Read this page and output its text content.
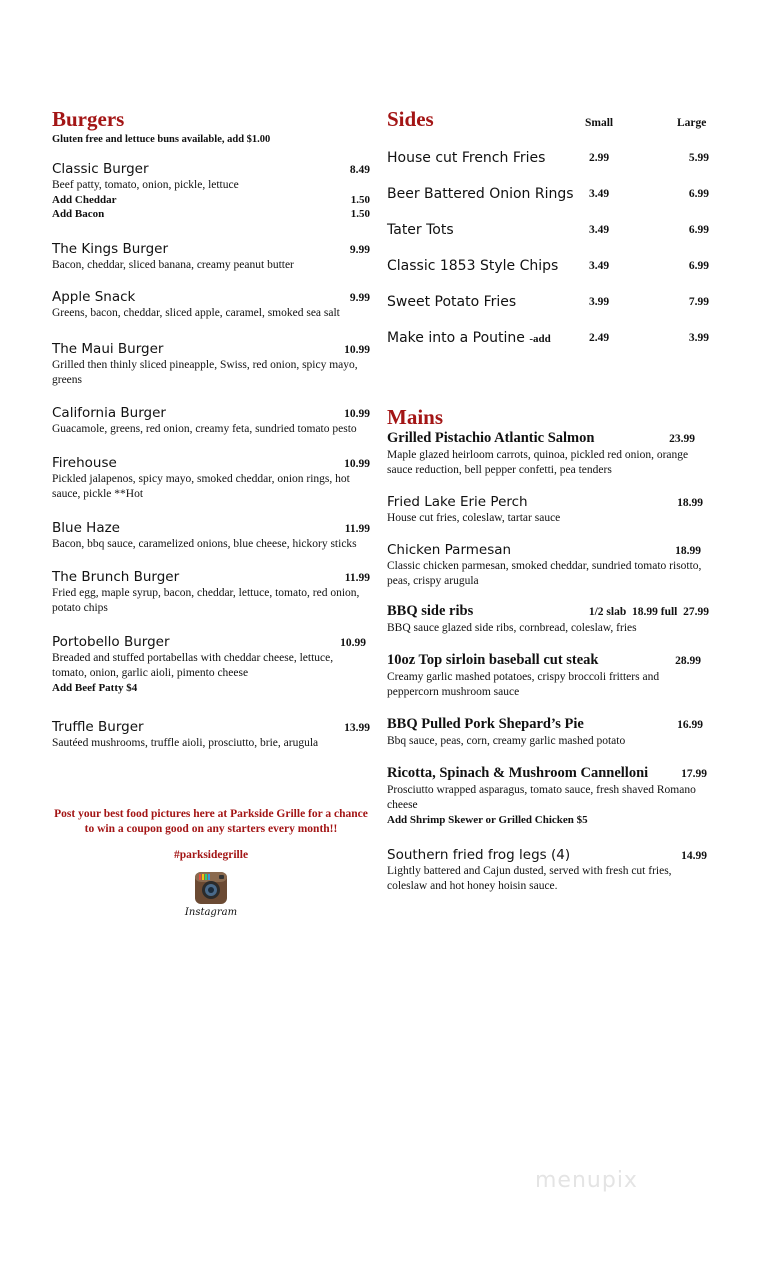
Burgers
Gluten free and lettuce buns available, add $1.00
Classic Burger	8.49
Beef patty, tomato, onion, pickle, lettuce
Add Cheddar	1.50
Add Bacon	1.50
The Kings Burger	9.99
Bacon, cheddar, sliced banana, creamy peanut butter
Apple Snack	9.99
Greens, bacon, cheddar, sliced apple, caramel, smoked sea salt
The Maui Burger	10.99
Grilled then thinly sliced pineapple, Swiss, red onion, spicy mayo, greens
California Burger	10.99
Guacamole, greens, red onion, creamy feta, sundried tomato pesto
Firehouse	10.99
Pickled jalapenos, spicy mayo, smoked cheddar, onion rings, hot sauce, pickle **Hot
Blue Haze	11.99
Bacon, bbq sauce, caramelized onions, blue cheese, hickory sticks
The Brunch Burger	11.99
Fried egg, maple syrup, bacon, cheddar, lettuce, tomato, red onion, potato chips
Portobello Burger	10.99
Breaded and stuffed portabellas with cheddar cheese, lettuce, tomato, onion, garlic aioli, pimento cheese
Add Beef Patty $4
Truffle Burger	13.99
Sautéed mushrooms, truffle aioli, prosciutto, brie, arugula
Post your best food pictures here at Parkside Grille for a chance to win a coupon good on any starters every month!!
#parksidegrille
Instagram
Sides	Small	Large
House cut French Fries	2.99	5.99
Beer Battered Onion Rings	3.49	6.99
Tater Tots	3.49	6.99
Classic 1853 Style Chips	3.49	6.99
Sweet Potato Fries	3.99	7.99
Make into a Poutine -add	2.49	3.99
Mains
Grilled Pistachio Atlantic Salmon	23.99
Maple glazed heirloom carrots, quinoa, pickled red onion, orange sauce reduction, bell pepper confetti, pea tenders
Fried Lake Erie Perch	18.99
House cut fries, coleslaw, tartar sauce
Chicken Parmesan	18.99
Classic chicken parmesan, smoked cheddar, sundried tomato risotto, peas, crispy arugula
BBQ side ribs	1/2 slab 18.99 full 27.99
BBQ sauce glazed side ribs, cornbread, coleslaw, fries
10oz Top sirloin baseball cut steak	28.99
Creamy garlic mashed potatoes, crispy broccoli fritters and peppercorn mushroom sauce
BBQ Pulled Pork Shepard’s Pie	16.99
Bbq sauce, peas, corn, creamy garlic mashed potato
Ricotta, Spinach & Mushroom Cannelloni	17.99
Prosciutto wrapped asparagus, tomato sauce, fresh shaved Romano cheese
Add Shrimp Skewer or Grilled Chicken $5
Southern fried frog legs (4)	14.99
Lightly battered and Cajun dusted, served with fresh cut fries, coleslaw and hot honey hoisin sauce.
menupix
